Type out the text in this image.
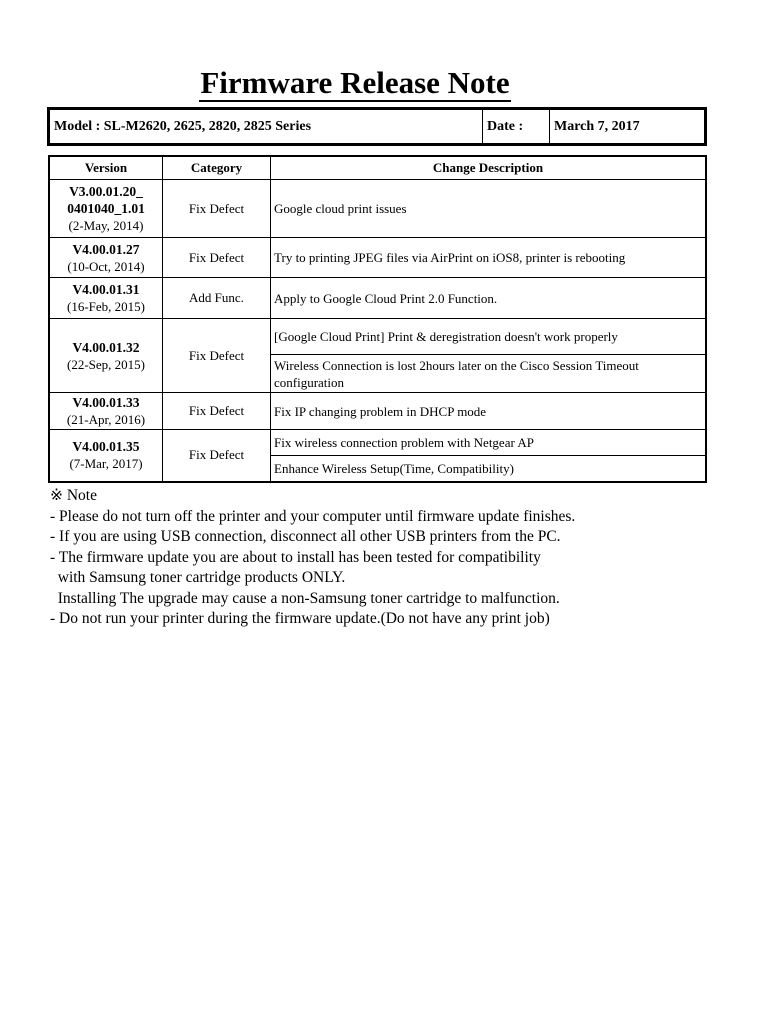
Firmware Release Note
Model : SL-M2620, 2625, 2820, 2825 Series	Date :	March 7, 2017
Version	Category	Change Description

V3.00.01.20_
0401040_1.01
(2-May, 2014)	Fix Defect	Google cloud print issues

V4.00.01.27
(10-Oct, 2014)	Fix Defect	Try to printing JPEG files via AirPrint on iOS8, printer is rebooting

V4.00.01.31
(16-Feb, 2015)	Add Func.	Apply to Google Cloud Print 2.0 Function.

V4.00.01.32
(22-Sep, 2015)	Fix Defect	[Google Cloud Print] Print & deregistration doesn't work properly
		Wireless Connection is lost 2hours later on the Cisco Session Timeout configuration

V4.00.01.33
(21-Apr, 2016)	Fix Defect	Fix IP changing problem in DHCP mode

V4.00.01.35
(7-Mar, 2017)	Fix Defect	Fix wireless connection problem with Netgear AP
		Enhance Wireless Setup(Time, Compatibility)
※ Note
- Please do not turn off the printer and your computer until firmware update finishes.
- If you are using USB connection, disconnect all other USB printers from the PC.
- The firmware update you are about to install has been tested for compatibility
with Samsung toner cartridge products ONLY.
Installing The upgrade may cause a non-Samsung toner cartridge to malfunction.
- Do not run your printer during the firmware update.(Do not have any print job)
